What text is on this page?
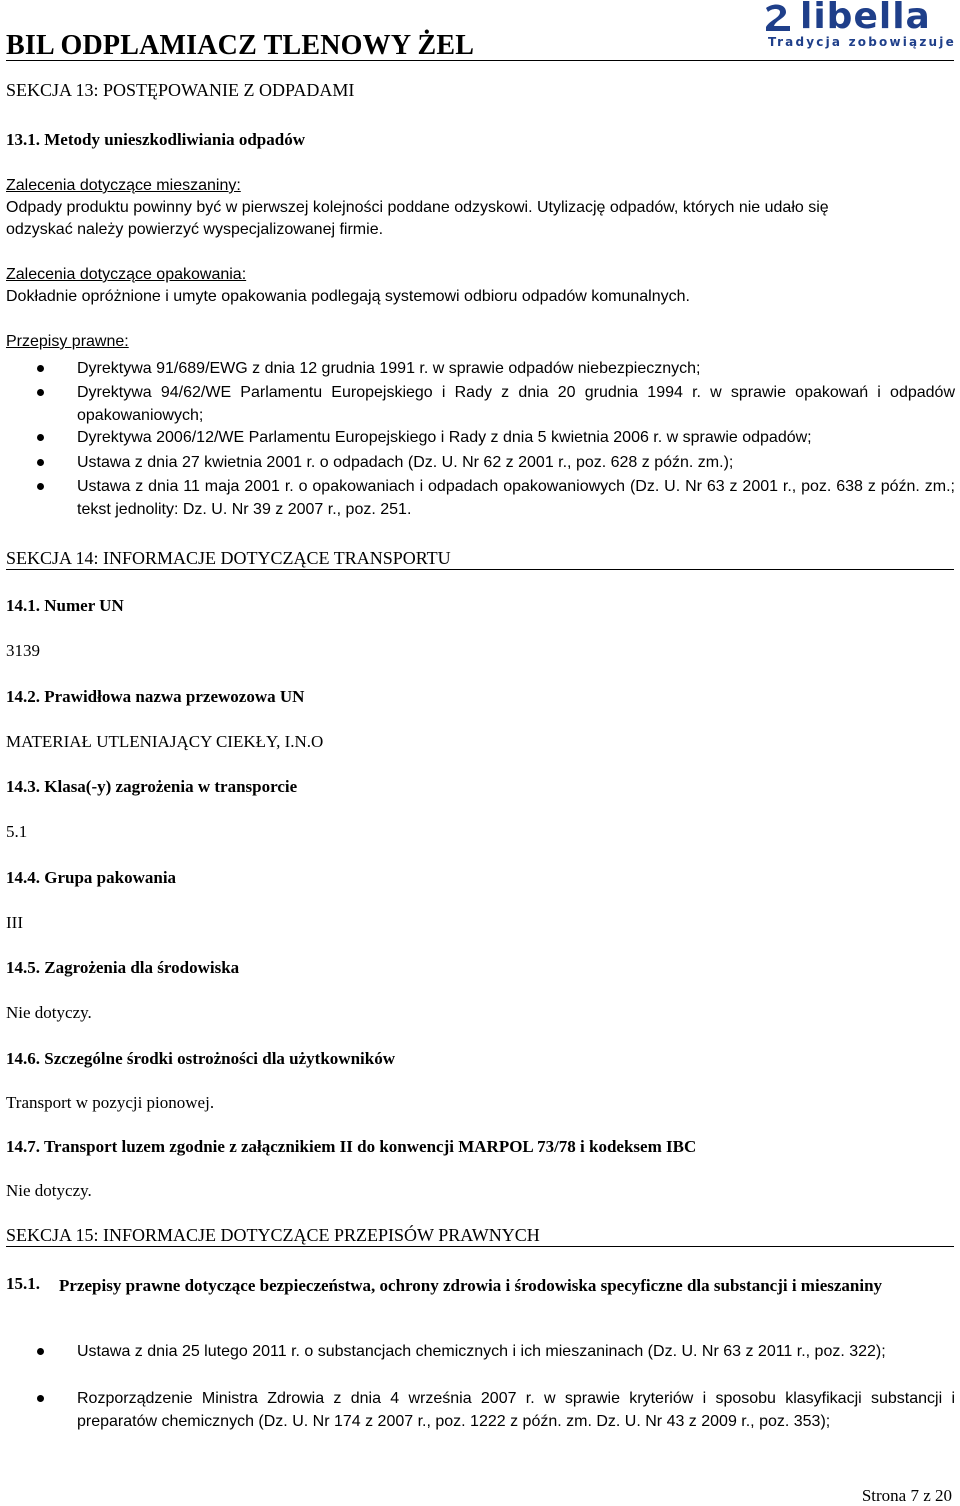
BIL ODPLAMIACZ TLENOWY ŻEL
libella
Tradycja zobowiązuje
SEKCJA 13: POSTĘPOWANIE Z ODPADAMI
13.1. Metody unieszkodliwiania odpadów
Zalecenia dotyczące mieszaniny:
Odpady produktu powinny być w pierwszej kolejności poddane odzyskowi. Utylizację odpadów, których nie udało się
odzyskać należy powierzyć wyspecjalizowanej firmie.
Zalecenia dotyczące opakowania:
Dokładnie opróżnione i umyte opakowania podlegają systemowi odbioru odpadów komunalnych.
Przepisy prawne:
Dyrektywa 91/689/EWG z dnia 12 grudnia 1991 r. w sprawie odpadów niebezpiecznych;
Dyrektywa 94/62/WE Parlamentu Europejskiego i Rady z dnia 20 grudnia 1994 r. w sprawie opakowań i odpadów opakowaniowych;
Dyrektywa 2006/12/WE Parlamentu Europejskiego i Rady z dnia 5 kwietnia 2006 r. w sprawie odpadów;
Ustawa z dnia 27 kwietnia 2001 r. o odpadach (Dz. U. Nr 62 z 2001 r., poz. 628 z późn. zm.);
Ustawa z dnia 11 maja 2001 r. o opakowaniach i odpadach opakowaniowych (Dz. U. Nr 63 z 2001 r., poz. 638 z późn. zm.; tekst jednolity: Dz. U. Nr 39 z 2007 r., poz. 251.
SEKCJA 14: INFORMACJE DOTYCZĄCE TRANSPORTU
14.1. Numer UN
3139
14.2. Prawidłowa nazwa przewozowa UN
MATERIAŁ UTLENIAJĄCY CIEKŁY, I.N.O
14.3. Klasa(-y) zagrożenia w transporcie
5.1
14.4. Grupa pakowania
III
14.5. Zagrożenia dla środowiska
Nie dotyczy.
14.6. Szczególne środki ostrożności dla użytkowników
Transport w pozycji pionowej.
14.7. Transport luzem zgodnie z załącznikiem II do konwencji MARPOL 73/78 i kodeksem IBC
Nie dotyczy.
SEKCJA 15: INFORMACJE DOTYCZĄCE PRZEPISÓW PRAWNYCH
15.1. Przepisy prawne dotyczące bezpieczeństwa, ochrony zdrowia i środowiska specyficzne dla substancji i mieszaniny
Ustawa z dnia 25 lutego 2011 r. o substancjach chemicznych i ich mieszaninach (Dz. U. Nr 63 z 2011 r., poz. 322);
Rozporządzenie Ministra Zdrowia z dnia 4 września 2007 r. w sprawie kryteriów i sposobu klasyfikacji substancji i preparatów chemicznych (Dz. U. Nr 174 z 2007 r., poz. 1222 z późn. zm. Dz. U. Nr 43 z 2009 r., poz. 353);
Strona 7 z 20
